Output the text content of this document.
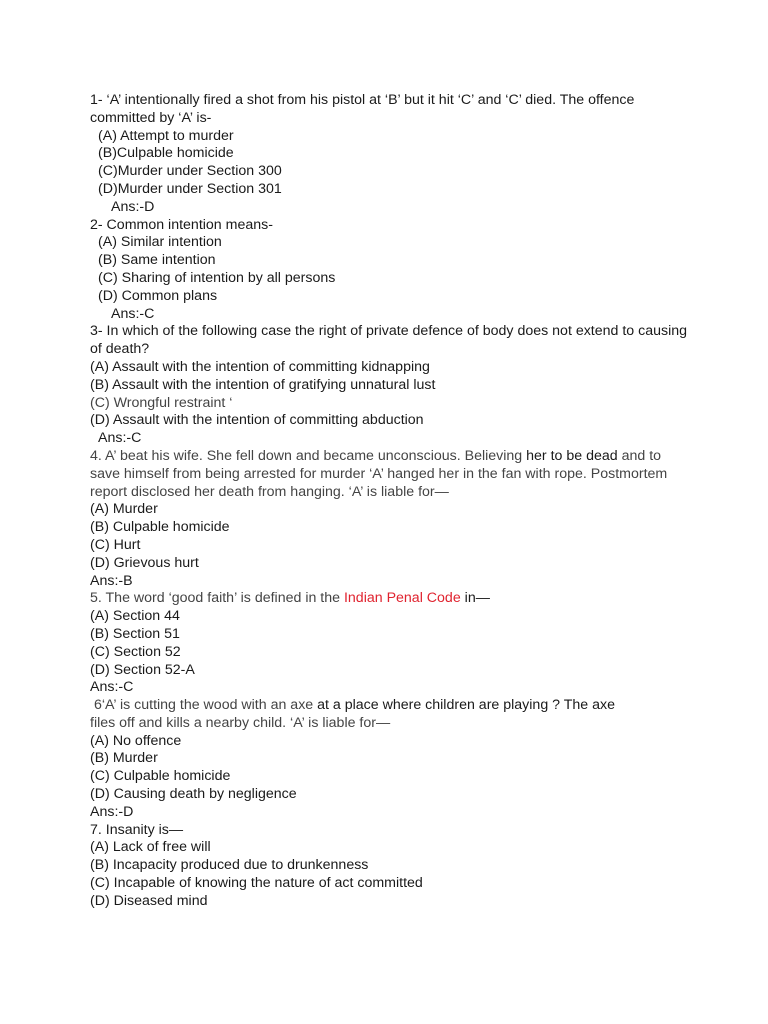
1- ‘A’ intentionally fired a shot from his pistol at ‘B’ but it hit ‘C’ and ‘C’ died. The offence committed by ‘A’ is-
(A) Attempt to murder
(B)Culpable homicide
(C)Murder under Section 300
(D)Murder under Section 301
Ans:-D
2- Common intention means-
(A) Similar intention
(B) Same intention
(C) Sharing of intention by all persons
(D) Common plans
Ans:-C
3- In which of the following case the right of private defence of body does not extend to causing of death?
(A) Assault with the intention of committing kidnapping
(B) Assault with the intention of gratifying unnatural lust
(C) Wrongful restraint ‘
(D) Assault with the intention of committing abduction
Ans:-C
4. A’ beat his wife. She fell down and became unconscious. Believing her to be dead and to save himself from being arrested for murder ‘A’ hanged her in the fan with rope. Postmortem report disclosed her death from hanging. ‘A’ is liable for—
(A) Murder
(B) Culpable homicide
(C) Hurt
(D) Grievous hurt
Ans:-B
5. The word ‘good faith’ is defined in the Indian Penal Code in—
(A) Section 44
(B) Section 51
(C) Section 52
(D) Section 52-A
Ans:-C
6‘A’ is cutting the wood with an axe at a place where children are playing ? The axe
files off and kills a nearby child. ‘A’ is liable for—
(A) No offence
(B) Murder
(C) Culpable homicide
(D) Causing death by negligence
Ans:-D
7. Insanity is—
(A) Lack of free will
(B) Incapacity produced due to drunkenness
(C) Incapable of knowing the nature of act committed
(D) Diseased mind
